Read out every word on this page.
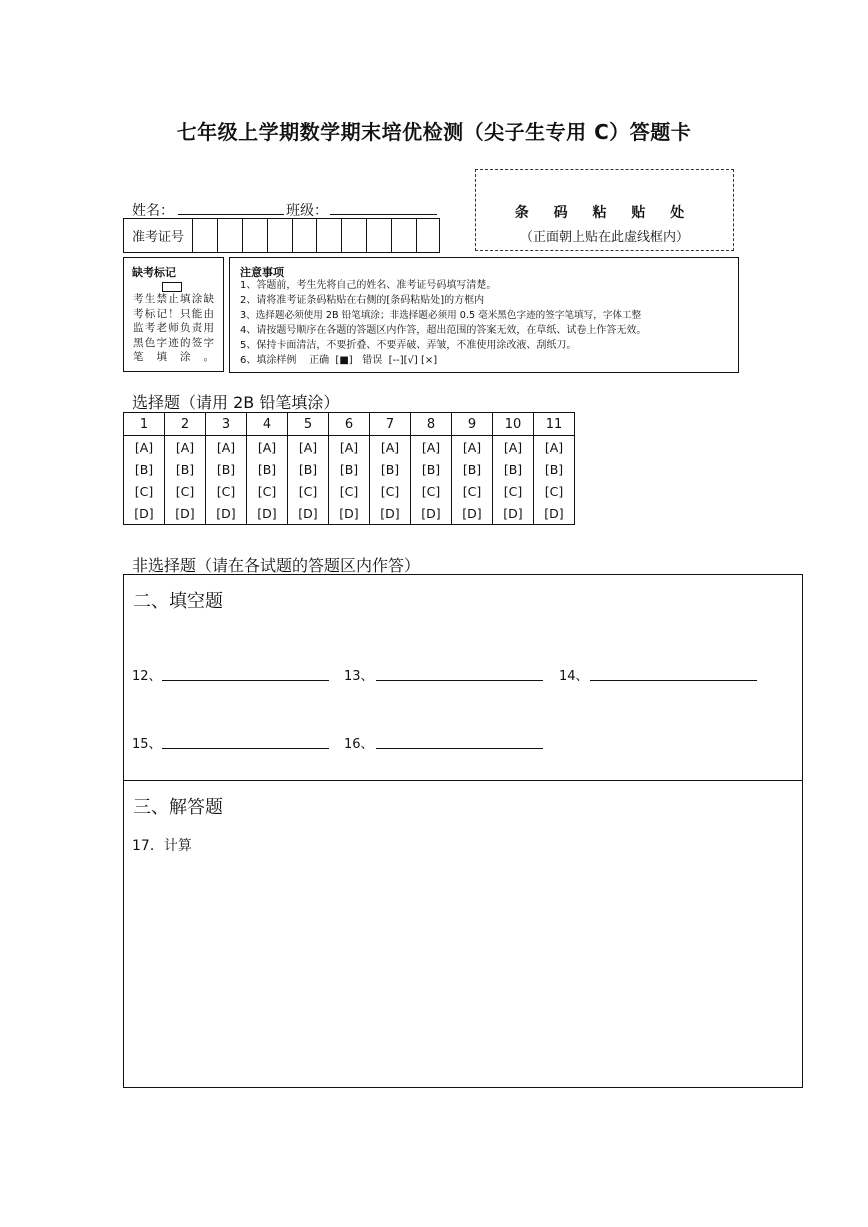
七年级上学期数学期末培优检测（尖子生专用 C）答题卡
姓名：	班级：
准考证号
条 码 粘 贴 处
（正面朝上贴在此虚线框内）
缺考标记
考生禁止填涂缺考标记！只能由监考老师负责用黑色字迹的签字笔填涂。
注意事项
1、答题前，考生先将自己的姓名、准考证号码填写清楚。
2、请将准考证条码粘贴在右侧的[条码粘贴处]的方框内
3、选择题必须使用 2B 铅笔填涂；非选择题必须用 0.5 毫米黑色字迹的签字笔填写，字体工整
4、请按题号顺序在各题的答题区内作答，超出范围的答案无效，在草纸、试卷上作答无效。
5、保持卡面清洁，不要折叠、不要弄破、弄皱，不准使用涂改液、刮纸刀。
6、填涂样例    正确  [■]   错误  [--][√] [×]
选择题（请用 2B 铅笔填涂）
1	2	3	4	5	6	7	8	9	10	11
[A]	[A]	[A]	[A]	[A]	[A]	[A]	[A]	[A]	[A]	[A]
[B]	[B]	[B]	[B]	[B]	[B]	[B]	[B]	[B]	[B]	[B]
[C]	[C]	[C]	[C]	[C]	[C]	[C]	[C]	[C]	[C]	[C]
[D]	[D]	[D]	[D]	[D]	[D]	[D]	[D]	[D]	[D]	[D]
非选择题（请在各试题的答题区内作答）
二、填空题
12、	13、	14、
15、	16、
三、解答题
17．计算
